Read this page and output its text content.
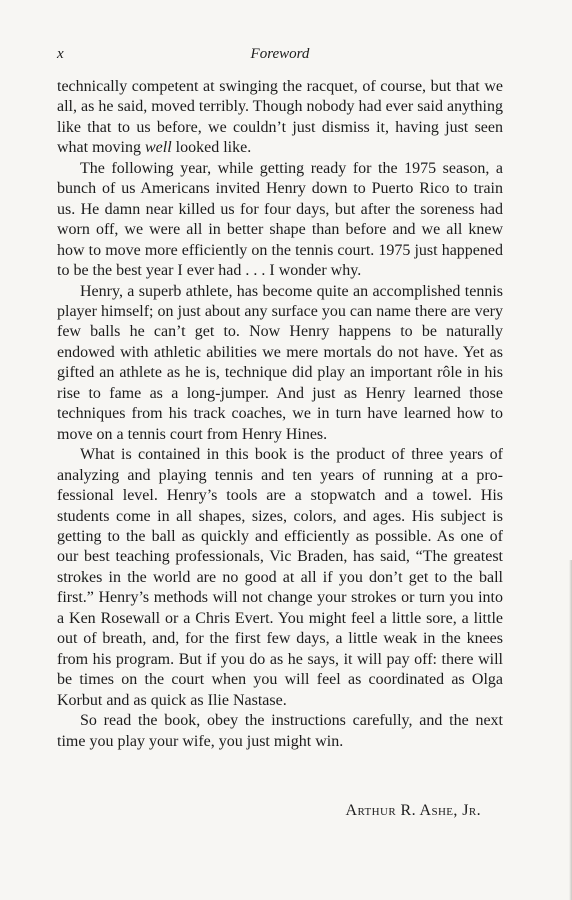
x	Foreword

technically competent at swinging the racquet, of course, but that we all, as he said, moved terribly. Though nobody had ever said anything like that to us before, we couldn’t just dismiss it, having just seen what moving well looked like.

The following year, while getting ready for the 1975 season, a bunch of us Americans invited Henry down to Puerto Rico to train us. He damn near killed us for four days, but after the soreness had worn off, we were all in better shape than before and we all knew how to move more efficiently on the tennis court. 1975 just happened to be the best year I ever had . . . I wonder why.

Henry, a superb athlete, has become quite an accomplished tennis player himself; on just about any surface you can name there are very few balls he can’t get to. Now Henry happens to be naturally endowed with athletic abilities we mere mortals do not have. Yet as gifted an athlete as he is, technique did play an important rôle in his rise to fame as a long-jumper. And just as Henry learned those techniques from his track coaches, we in turn have learned how to move on a tennis court from Henry Hines.

What is contained in this book is the product of three years of analyzing and playing tennis and ten years of running at a professional level. Henry’s tools are a stopwatch and a towel. His students come in all shapes, sizes, colors, and ages. His subject is getting to the ball as quickly and efficiently as possible. As one of our best teaching professionals, Vic Braden, has said, “The greatest strokes in the world are no good at all if you don’t get to the ball first.” Henry’s methods will not change your strokes or turn you into a Ken Rosewall or a Chris Evert. You might feel a little sore, a little out of breath, and, for the first few days, a little weak in the knees from his program. But if you do as he says, it will pay off: there will be times on the court when you will feel as coordinated as Olga Korbut and as quick as Ilie Nastase.

So read the book, obey the instructions carefully, and the next time you play your wife, you just might win.

Arthur R. Ashe, Jr.
